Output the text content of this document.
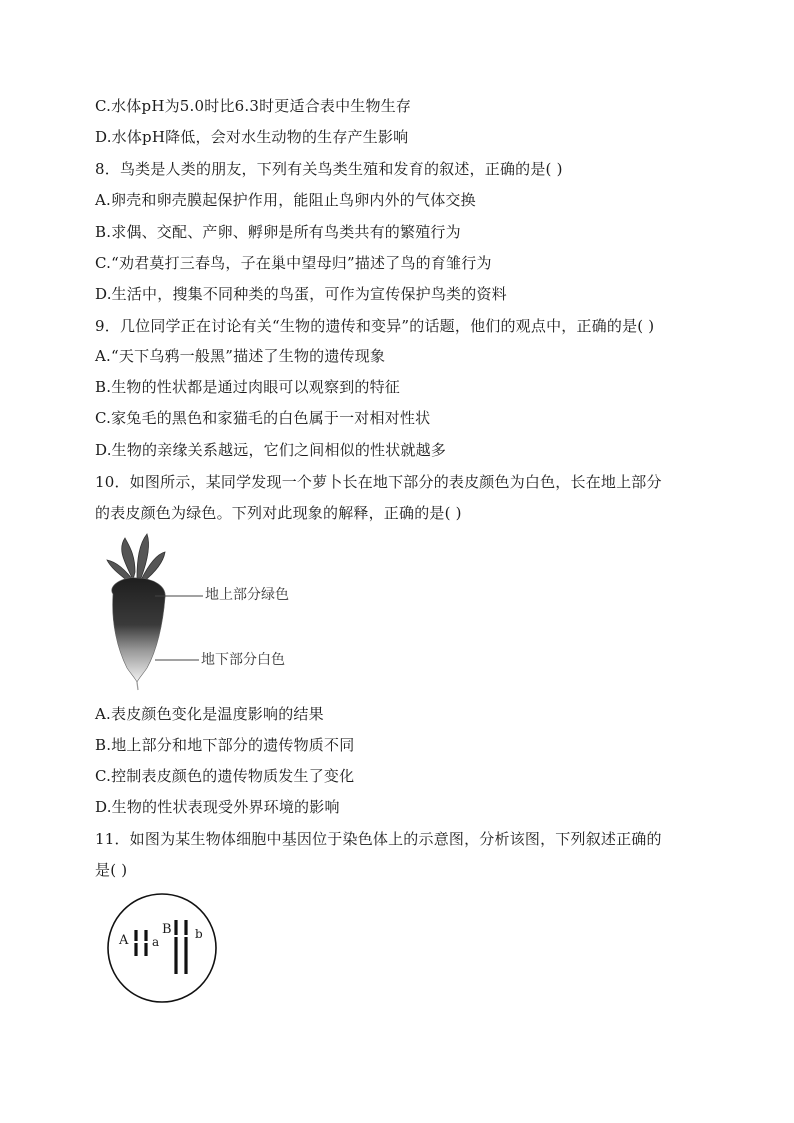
C.水体pH为5.0时比6.3时更适合表中生物生存
D.水体pH降低，会对水生动物的生存产生影响
8．鸟类是人类的朋友，下列有关鸟类生殖和发育的叙述，正确的是( )
A.卵壳和卵壳膜起保护作用，能阻止鸟卵内外的气体交换
B.求偶、交配、产卵、孵卵是所有鸟类共有的繁殖行为
C.“劝君莫打三春鸟，子在巢中望母归”描述了鸟的育雏行为
D.生活中，搜集不同种类的鸟蛋，可作为宣传保护鸟类的资料
9．几位同学正在讨论有关“生物的遗传和变异”的话题，他们的观点中，正确的是( )
A.“天下乌鸦一般黑”描述了生物的遗传现象
B.生物的性状都是通过肉眼可以观察到的特征
C.家兔毛的黑色和家猫毛的白色属于一对相对性状
D.生物的亲缘关系越远，它们之间相似的性状就越多
10．如图所示，某同学发现一个萝卜长在地下部分的表皮颜色为白色，长在地上部分
的表皮颜色为绿色。下列对此现象的解释，正确的是( )
地上部分绿色
地下部分白色
A.表皮颜色变化是温度影响的结果
B.地上部分和地下部分的遗传物质不同
C.控制表皮颜色的遗传物质发生了变化
D.生物的性状表现受外界环境的影响
11．如图为某生物体细胞中基因位于染色体上的示意图，分析该图，下列叙述正确的
是( )
A a
B b
